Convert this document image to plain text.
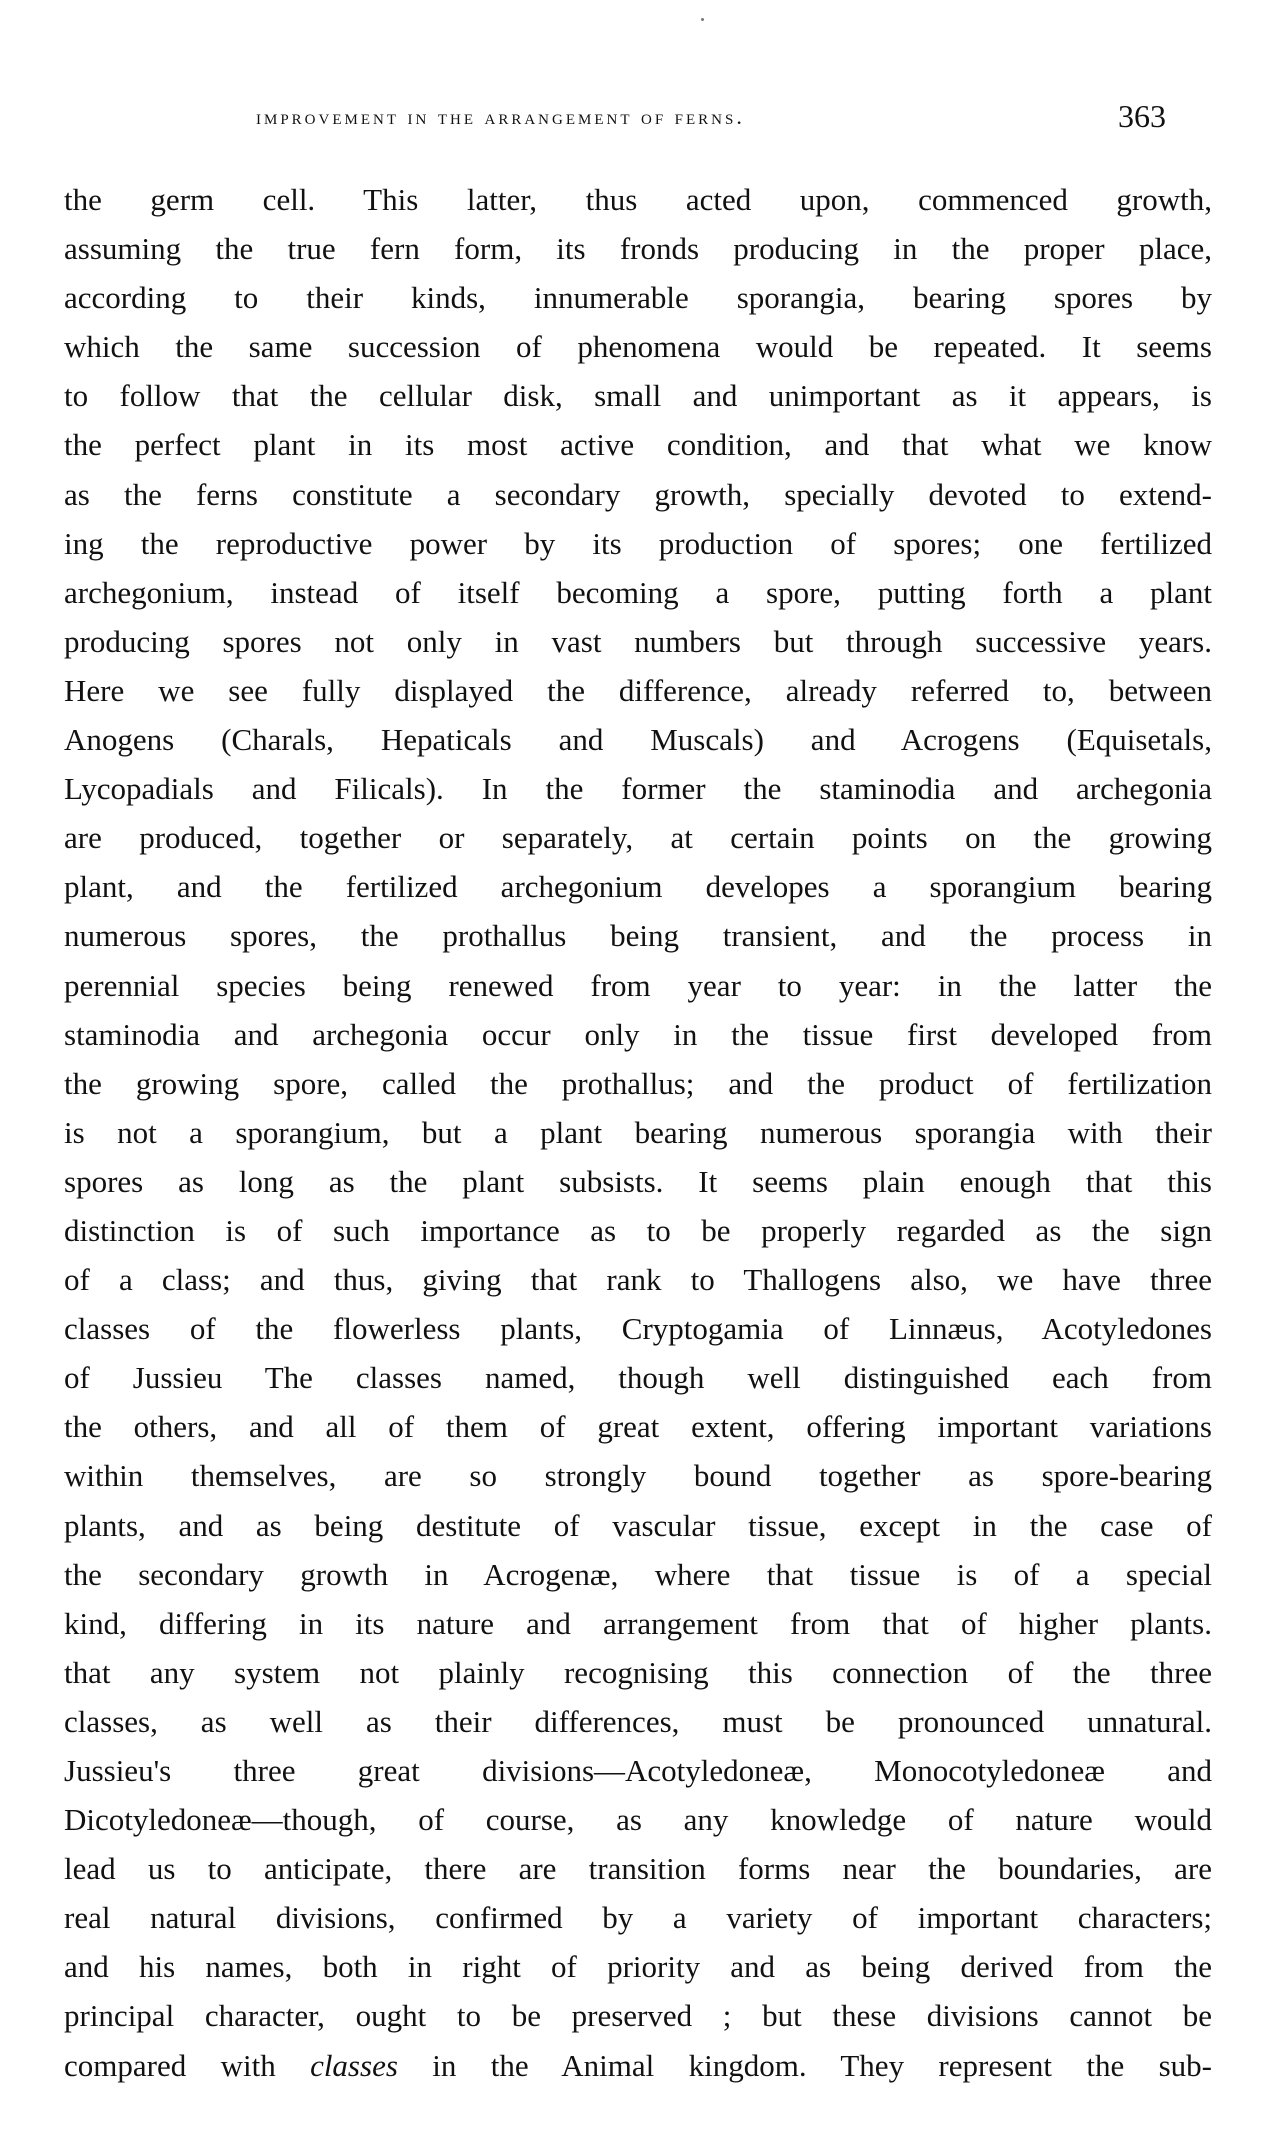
improvement in the arrangement of ferns.	363
the germ cell. This latter, thus acted upon, commenced growth,
assuming the true fern form, its fronds producing in the proper place,
according to their kinds, innumerable sporangia, bearing spores by
which the same succession of phenomena would be repeated. It seems
to follow that the cellular disk, small and unimportant as it appears, is
the perfect plant in its most active condition, and that what we know
as the ferns constitute a secondary growth, specially devoted to extend-
ing the reproductive power by its production of spores; one fertilized
archegonium, instead of itself becoming a spore, putting forth a plant
producing spores not only in vast numbers but through successive years.
Here we see fully displayed the difference, already referred to, between
Anogens (Charals, Hepaticals and Muscals) and Acrogens (Equisetals,
Lycopadials and Filicals). In the former the staminodia and archegonia
are produced, together or separately, at certain points on the growing
plant, and the fertilized archegonium developes a sporangium bearing
numerous spores, the prothallus being transient, and the process in
perennial species being renewed from year to year: in the latter the
staminodia and archegonia occur only in the tissue first developed from
the growing spore, called the prothallus; and the product of fertilization
is not a sporangium, but a plant bearing numerous sporangia with their
spores as long as the plant subsists. It seems plain enough that this
distinction is of such importance as to be properly regarded as the sign
of a class; and thus, giving that rank to Thallogens also, we have three
classes of the flowerless plants, Cryptogamia of Linnæus, Acotyledones
of Jussieu The classes named, though well distinguished each from
the others, and all of them of great extent, offering important variations
within themselves, are so strongly bound together as spore-bearing
plants, and as being destitute of vascular tissue, except in the case of
the secondary growth in Acrogenæ, where that tissue is of a special
kind, differing in its nature and arrangement from that of higher plants.
that any system not plainly recognising this connection of the three
classes, as well as their differences, must be pronounced unnatural.
Jussieu's three great divisions—Acotyledoneæ, Monocotyledoneæ and
Dicotyledoneæ—though, of course, as any knowledge of nature would
lead us to anticipate, there are transition forms near the boundaries, are
real natural divisions, confirmed by a variety of important characters;
and his names, both in right of priority and as being derived from the
principal character, ought to be preserved ; but these divisions cannot be
compared with classes in the Animal kingdom. They represent the sub-
